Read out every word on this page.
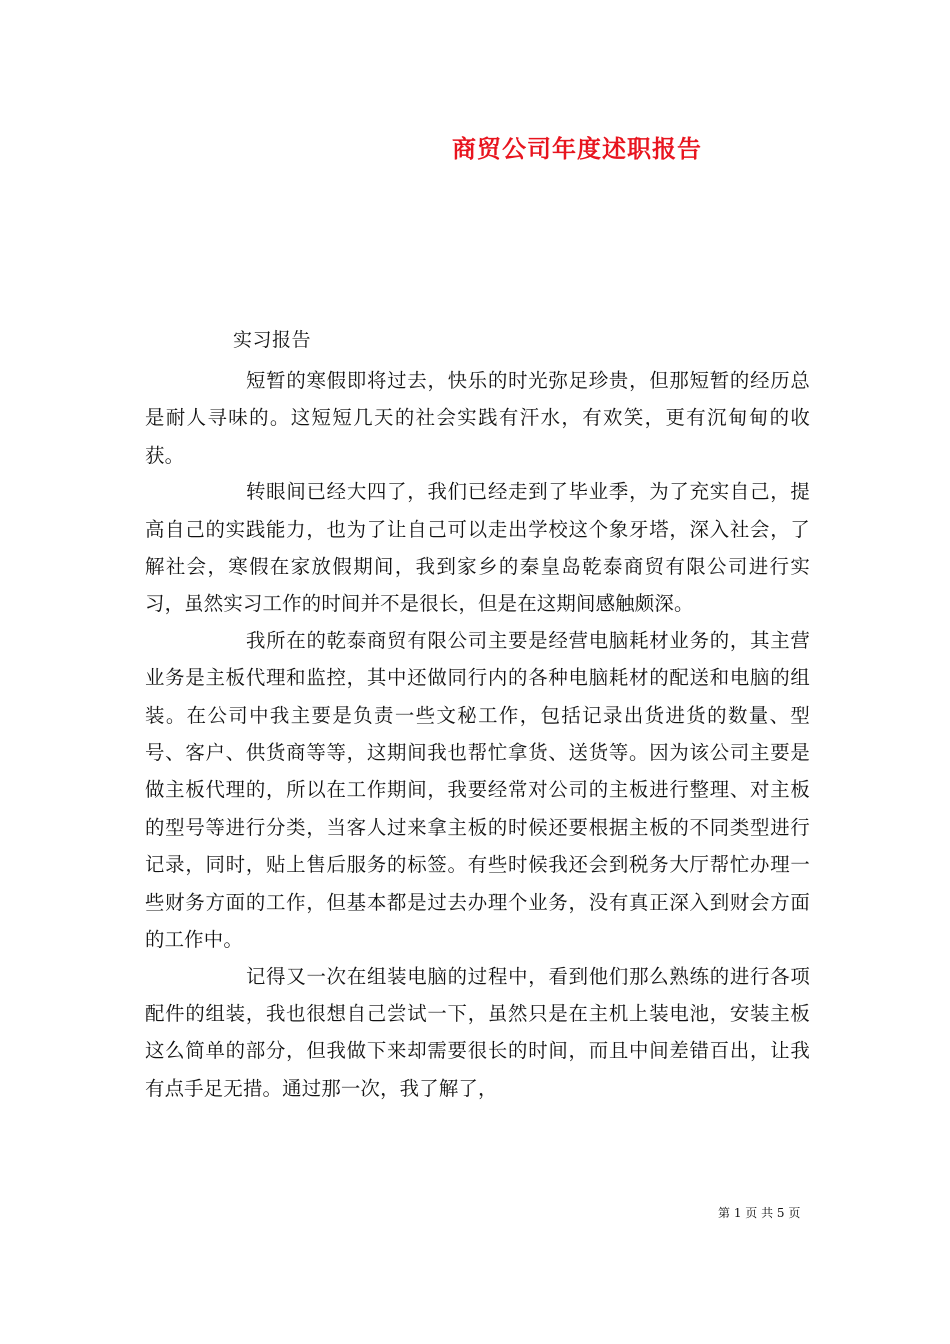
商贸公司年度述职报告
实习报告

短暂的寒假即将过去，快乐的时光弥足珍贵，但那短暂的经历总是耐人寻味的。这短短几天的社会实践有汗水，有欢笑，更有沉甸甸的收获。

转眼间已经大四了，我们已经走到了毕业季，为了充实自己，提高自己的实践能力，也为了让自己可以走出学校这个象牙塔，深入社会，了解社会，寒假在家放假期间，我到家乡的秦皇岛乾泰商贸有限公司进行实习，虽然实习工作的时间并不是很长，但是在这期间感触颇深。

我所在的乾泰商贸有限公司主要是经营电脑耗材业务的，其主营业务是主板代理和监控，其中还做同行内的各种电脑耗材的配送和电脑的组装。在公司中我主要是负责一些文秘工作，包括记录出货进货的数量、型号、客户、供货商等等，这期间我也帮忙拿货、送货等。因为该公司主要是做主板代理的，所以在工作期间，我要经常对公司的主板进行整理、对主板的型号等进行分类，当客人过来拿主板的时候还要根据主板的不同类型进行记录，同时，贴上售后服务的标签。有些时候我还会到税务大厅帮忙办理一些财务方面的工作，但基本都是过去办理个业务，没有真正深入到财会方面的工作中。

记得又一次在组装电脑的过程中，看到他们那么熟练的进行各项配件的组装，我也很想自己尝试一下，虽然只是在主机上装电池，安装主板这么简单的部分，但我做下来却需要很长的时间，而且中间差错百出，让我有点手足无措。通过那一次，我了解了，

第 1 页 共 5 页
